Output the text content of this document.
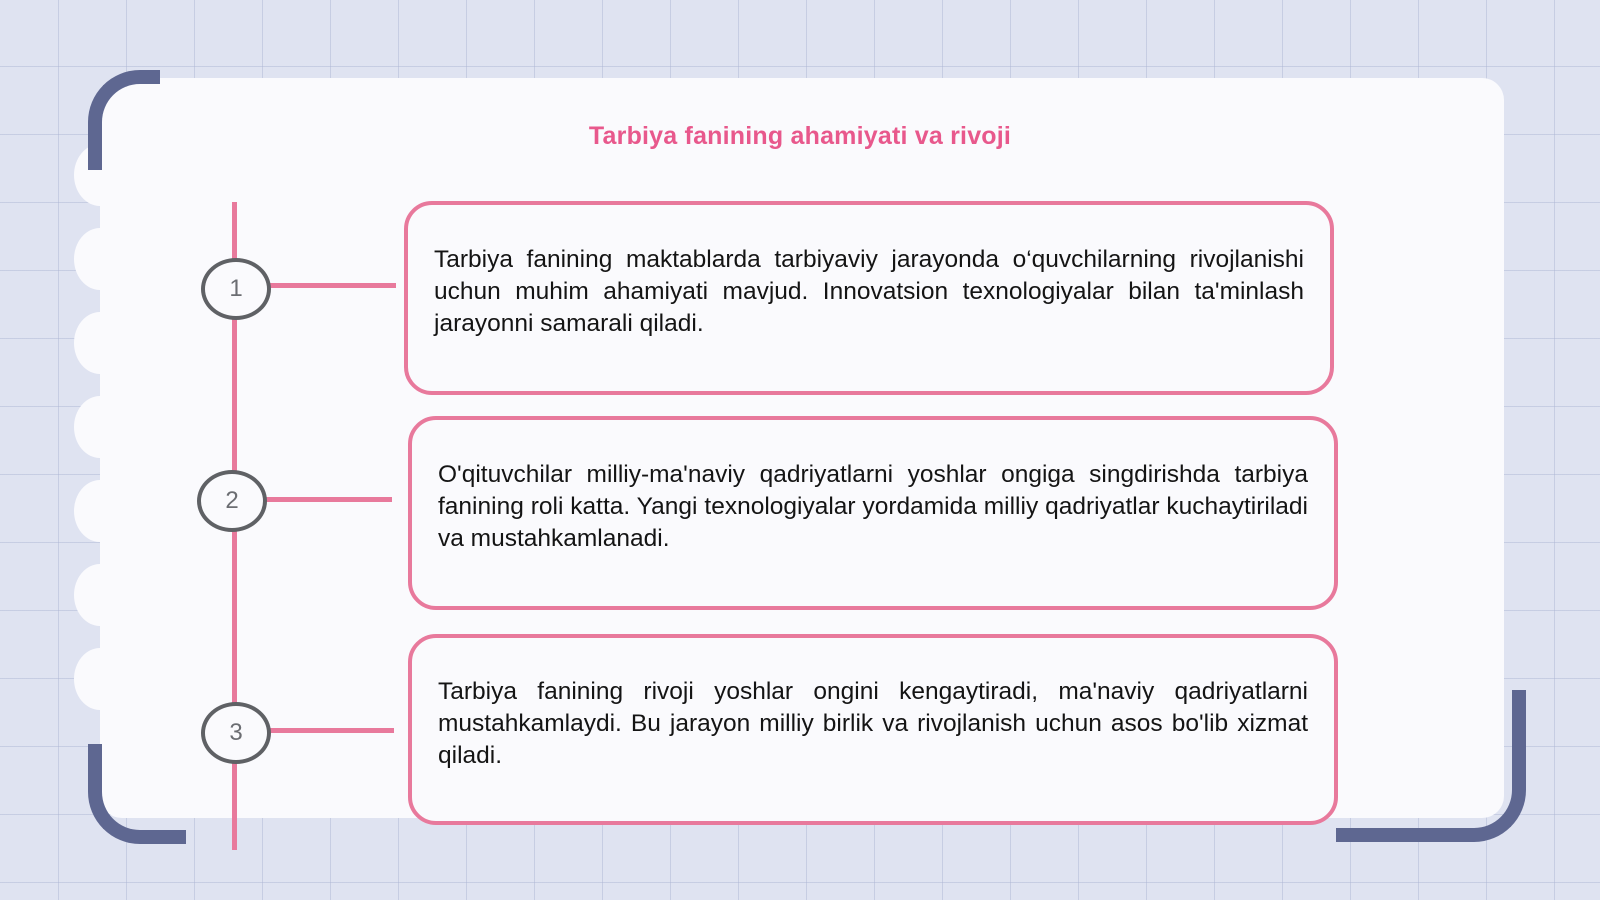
Tarbiya fanining ahamiyati va rivoji
1
2
3

Tarbiya fanining maktablarda tarbiyaviy jarayonda o‘quvchilarning rivojlanishi uchun muhim ahamiyati mavjud. Innovatsion texnologiyalar bilan ta'minlash jarayonni samarali qiladi.

O'qituvchilar milliy-ma'naviy qadriyatlarni yoshlar ongiga singdirishda tarbiya fanining roli katta. Yangi texnologiyalar yordamida milliy qadriyatlar kuchaytiriladi va mustahkamlanadi.

Tarbiya fanining rivoji yoshlar ongini kengaytiradi, ma'naviy qadriyatlarni mustahkamlaydi. Bu jarayon milliy birlik va rivojlanish uchun asos bo'lib xizmat qiladi.
